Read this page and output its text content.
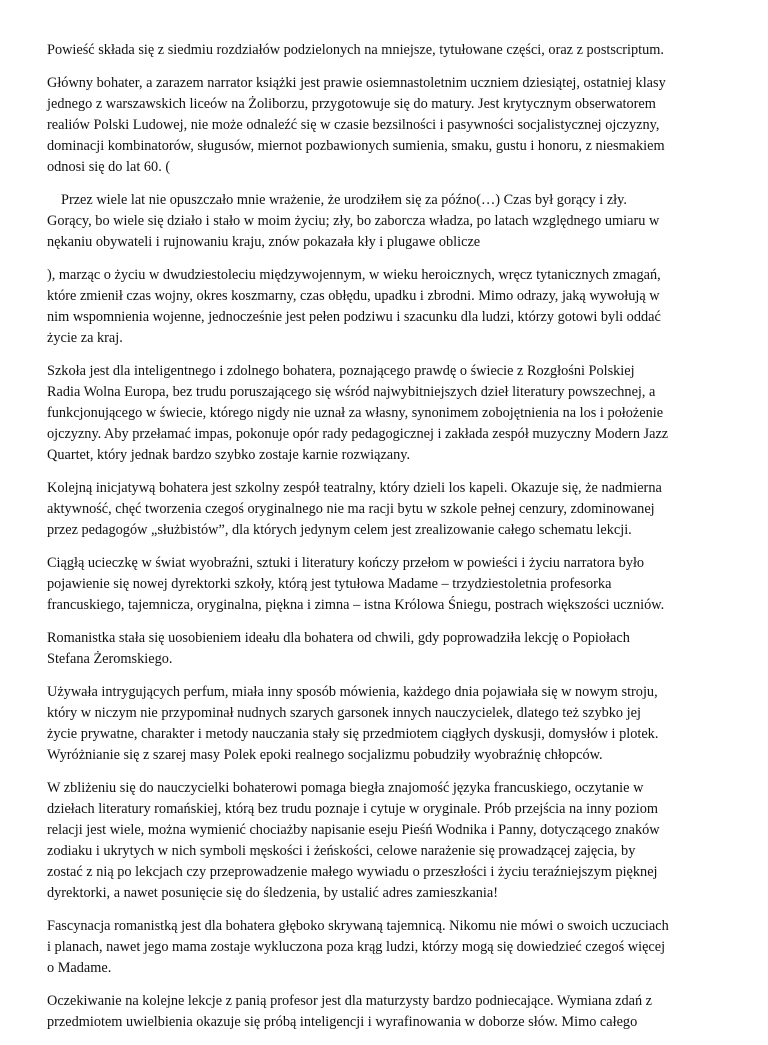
Powieść składa się z siedmiu rozdziałów podzielonych na mniejsze, tytułowane części, oraz z postscriptum.

Główny bohater, a zarazem narrator książki jest prawie osiemnastoletnim uczniem dziesiątej, ostatniej klasy
jednego z warszawskich liceów na Żoliborzu, przygotowuje się do matury. Jest krytycznym obserwatorem
realiów Polski Ludowej, nie może odnaleźć się w czasie bezsilności i pasywności socjalistycznej ojczyzny,
dominacji kombinatorów, sługusów, miernot pozbawionych sumienia, smaku, gustu i honoru, z niesmakiem
odnosi się do lat 60. (

Przez wiele lat nie opuszczało mnie wrażenie, że urodziłem się za późno(…) Czas był gorący i zły.
Gorący, bo wiele się działo i stało w moim życiu; zły, bo zaborcza władza, po latach względnego umiaru w
nękaniu obywateli i rujnowaniu kraju, znów pokazała kły i plugawe oblicze

), marząc o życiu w dwudziestoleciu międzywojennym, w wieku heroicznych, wręcz tytanicznych zmagań,
które zmienił czas wojny, okres koszmarny, czas obłędu, upadku i zbrodni. Mimo odrazy, jaką wywołują w
nim wspomnienia wojenne, jednocześnie jest pełen podziwu i szacunku dla ludzi, którzy gotowi byli oddać
życie za kraj.

Szkoła jest dla inteligentnego i zdolnego bohatera, poznającego prawdę o świecie z Rozgłośni Polskiej
Radia Wolna Europa, bez trudu poruszającego się wśród najwybitniejszych dzieł literatury powszechnej, a
funkcjonującego w świecie, którego nigdy nie uznał za własny, synonimem zobojętnienia na los i położenie
ojczyzny. Aby przełamać impas, pokonuje opór rady pedagogicznej i zakłada zespół muzyczny Modern Jazz
Quartet, który jednak bardzo szybko zostaje karnie rozwiązany.

Kolejną inicjatywą bohatera jest szkolny zespół teatralny, który dzieli los kapeli. Okazuje się, że nadmierna
aktywność, chęć tworzenia czegoś oryginalnego nie ma racji bytu w szkole pełnej cenzury, zdominowanej
przez pedagogów „służbistów”, dla których jedynym celem jest zrealizowanie całego schematu lekcji.

Ciągłą ucieczkę w świat wyobraźni, sztuki i literatury kończy przełom w powieści i życiu narratora było
pojawienie się nowej dyrektorki szkoły, którą jest tytułowa Madame – trzydziestoletnia profesorka
francuskiego, tajemnicza, oryginalna, piękna i zimna – istna Królowa Śniegu, postrach większości uczniów.

Romanistka stała się uosobieniem ideału dla bohatera od chwili, gdy poprowadziła lekcję o Popiołach
Stefana Żeromskiego.

Używała intrygujących perfum, miała inny sposób mówienia, każdego dnia pojawiała się w nowym stroju,
który w niczym nie przypominał nudnych szarych garsonek innych nauczycielek, dlatego też szybko jej
życie prywatne, charakter i metody nauczania stały się przedmiotem ciągłych dyskusji, domysłów i plotek.
Wyróżnianie się z szarej masy Polek epoki realnego socjalizmu pobudziły wyobraźnię chłopców.

W zbliżeniu się do nauczycielki bohaterowi pomaga biegła znajomość języka francuskiego, oczytanie w
dziełach literatury romańskiej, którą bez trudu poznaje i cytuje w oryginale. Prób przejścia na inny poziom
relacji jest wiele, można wymienić chociażby napisanie eseju Pieśń Wodnika i Panny, dotyczącego znaków
zodiaku i ukrytych w nich symboli męskości i żeńskości, celowe narażenie się prowadzącej zajęcia, by
zostać z nią po lekcjach czy przeprowadzenie małego wywiadu o przeszłości i życiu teraźniejszym pięknej
dyrektorki, a nawet posunięcie się do śledzenia, by ustalić adres zamieszkania!

Fascynacja romanistką jest dla bohatera głęboko skrywaną tajemnicą. Nikomu nie mówi o swoich uczuciach
i planach, nawet jego mama zostaje wykluczona poza krąg ludzi, którzy mogą się dowiedzieć czegoś więcej
o Madame.

Oczekiwanie na kolejne lekcje z panią profesor jest dla maturzysty bardzo podniecające. Wymiana zdań z
przedmiotem uwielbienia okazuje się próbą inteligencji i wyrafinowania w doborze słów. Mimo całego
